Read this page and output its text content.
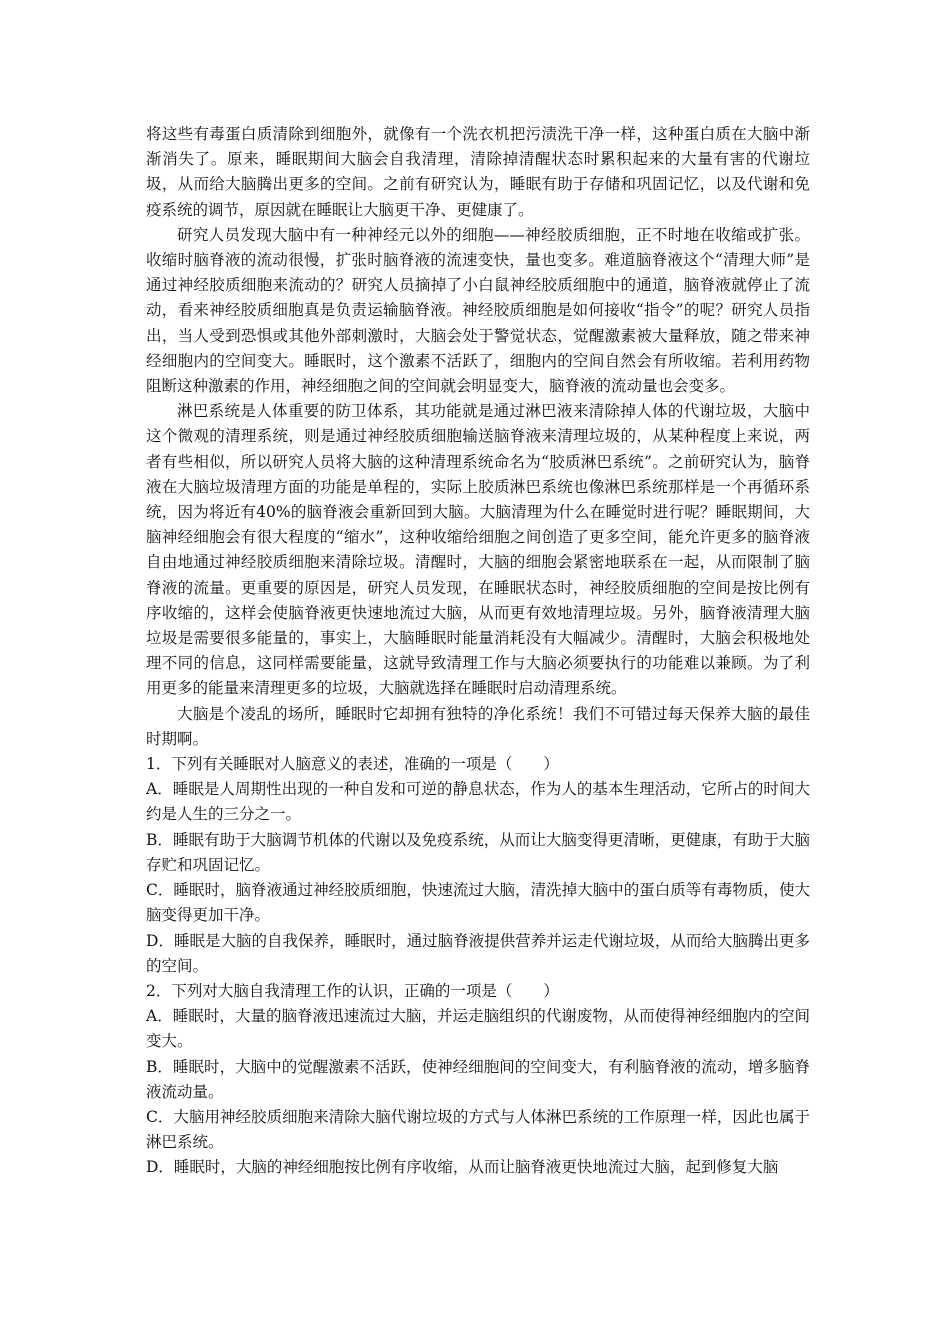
将这些有毒蛋白质清除到细胞外，就像有一个洗衣机把污渍洗干净一样，这种蛋白质在大脑中渐渐消失了。原来，睡眠期间大脑会自我清理，清除掉清醒状态时累积起来的大量有害的代谢垃圾，从而给大脑腾出更多的空间。之前有研究认为，睡眠有助于存储和巩固记忆，以及代谢和免疫系统的调节，原因就在睡眠让大脑更干净、更健康了。

研究人员发现大脑中有一种神经元以外的细胞——神经胶质细胞，正不时地在收缩或扩张。收缩时脑脊液的流动很慢，扩张时脑脊液的流速变快，量也变多。难道脑脊液这个“清理大师”是通过神经胶质细胞来流动的？研究人员摘掉了小白鼠神经胶质细胞中的通道，脑脊液就停止了流动，看来神经胶质细胞真是负责运输脑脊液。神经胶质细胞是如何接收“指令”的呢？研究人员指出，当人受到恐惧或其他外部刺激时，大脑会处于警觉状态，觉醒激素被大量释放，随之带来神经细胞内的空间变大。睡眠时，这个激素不活跃了，细胞内的空间自然会有所收缩。若利用药物阻断这种激素的作用，神经细胞之间的空间就会明显变大，脑脊液的流动量也会变多。

淋巴系统是人体重要的防卫体系，其功能就是通过淋巴液来清除掉人体的代谢垃圾，大脑中这个微观的清理系统，则是通过神经胶质细胞输送脑脊液来清理垃圾的，从某种程度上来说，两者有些相似，所以研究人员将大脑的这种清理系统命名为“胶质淋巴系统”。之前研究认为，脑脊液在大脑垃圾清理方面的功能是单程的，实际上胶质淋巴系统也像淋巴系统那样是一个再循环系统，因为将近有40%的脑脊液会重新回到大脑。大脑清理为什么在睡觉时进行呢？睡眠期间，大脑神经细胞会有很大程度的“缩水”，这种收缩给细胞之间创造了更多空间，能允许更多的脑脊液自由地通过神经胶质细胞来清除垃圾。清醒时，大脑的细胞会紧密地联系在一起，从而限制了脑脊液的流量。更重要的原因是，研究人员发现，在睡眠状态时，神经胶质细胞的空间是按比例有序收缩的，这样会使脑脊液更快速地流过大脑，从而更有效地清理垃圾。另外，脑脊液清理大脑垃圾是需要很多能量的，事实上，大脑睡眠时能量消耗没有大幅减少。清醒时，大脑会积极地处理不同的信息，这同样需要能量，这就导致清理工作与大脑必须要执行的功能难以兼顾。为了利用更多的能量来清理更多的垃圾，大脑就选择在睡眠时启动清理系统。

大脑是个凌乱的场所，睡眠时它却拥有独特的净化系统！我们不可错过每天保养大脑的最佳时期啊。

1．下列有关睡眠对人脑意义的表述，准确的一项是（　　）

A．睡眠是人周期性出现的一种自发和可逆的静息状态，作为人的基本生理活动，它所占的时间大约是人生的三分之一。

B．睡眠有助于大脑调节机体的代谢以及免疫系统，从而让大脑变得更清晰，更健康，有助于大脑存贮和巩固记忆。

C．睡眠时，脑脊液通过神经胶质细胞，快速流过大脑，清洗掉大脑中的蛋白质等有毒物质，使大脑变得更加干净。

D．睡眠是大脑的自我保养，睡眠时，通过脑脊液提供营养并运走代谢垃圾，从而给大脑腾出更多的空间。

2．下列对大脑自我清理工作的认识，正确的一项是（　　）

A．睡眠时，大量的脑脊液迅速流过大脑，并运走脑组织的代谢废物，从而使得神经细胞内的空间变大。

B．睡眠时，大脑中的觉醒激素不活跃，使神经细胞间的空间变大，有利脑脊液的流动，增多脑脊液流动量。

C．大脑用神经胶质细胞来清除大脑代谢垃圾的方式与人体淋巴系统的工作原理一样，因此也属于淋巴系统。

D．睡眠时，大脑的神经细胞按比例有序收缩，从而让脑脊液更快地流过大脑，起到修复大脑
